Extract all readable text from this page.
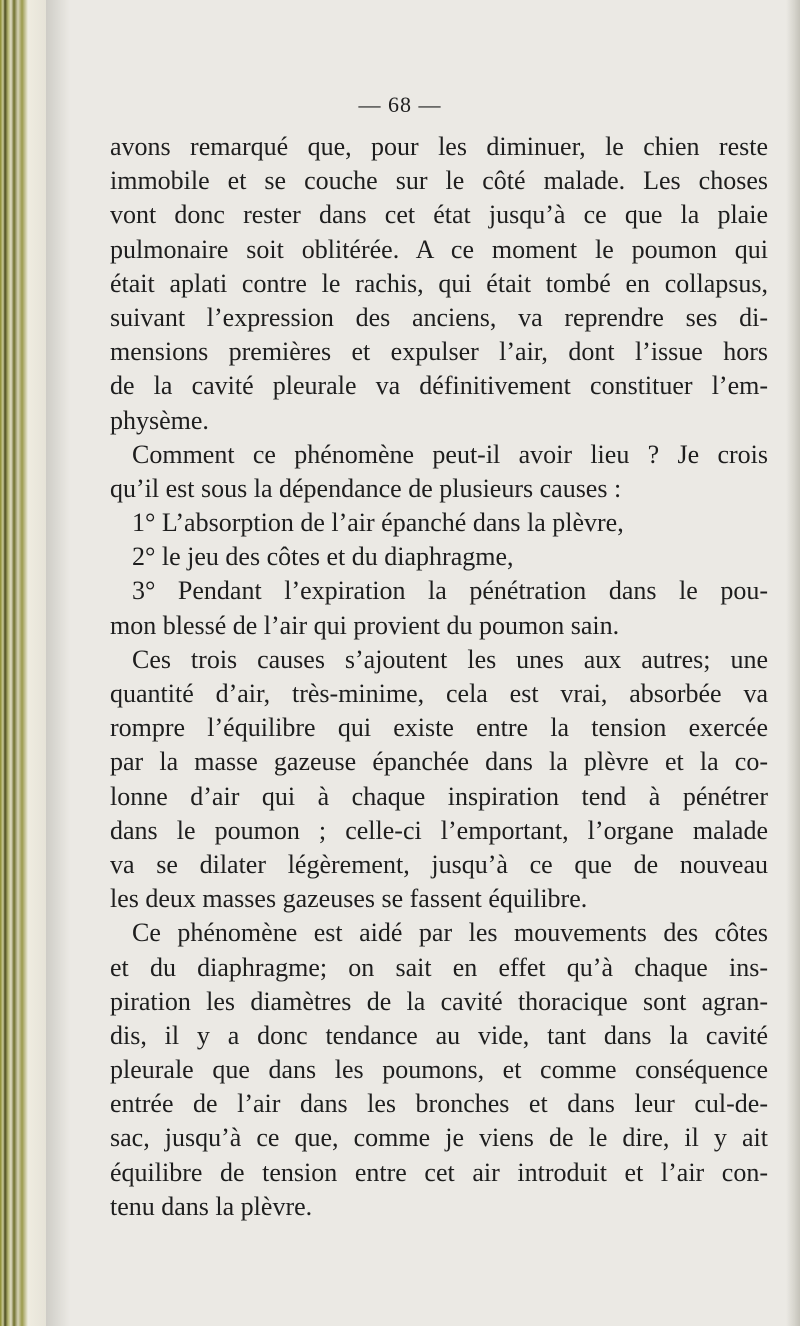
— 68 —
avons remarqué que, pour les diminuer, le chien reste
immobile et se couche sur le côté malade. Les choses
vont donc rester dans cet état jusqu’à ce que la plaie
pulmonaire soit oblitérée. A ce moment le poumon qui
était aplati contre le rachis, qui était tombé en collapsus,
suivant l’expression des anciens, va reprendre ses di-
mensions premières et expulser l’air, dont l’issue hors
de la cavité pleurale va définitivement constituer l’em-
physème.
Comment ce phénomène peut-il avoir lieu ? Je crois
qu’il est sous la dépendance de plusieurs causes :
1° L’absorption de l’air épanché dans la plèvre,
2° le jeu des côtes et du diaphragme,
3° Pendant l’expiration la pénétration dans le pou-
mon blessé de l’air qui provient du poumon sain.
Ces trois causes s’ajoutent les unes aux autres; une
quantité d’air, très-minime, cela est vrai, absorbée va
rompre l’équilibre qui existe entre la tension exercée
par la masse gazeuse épanchée dans la plèvre et la co-
lonne d’air qui à chaque inspiration tend à pénétrer
dans le poumon ; celle-ci l’emportant, l’organe malade
va se dilater légèrement, jusqu’à ce que de nouveau
les deux masses gazeuses se fassent équilibre.
Ce phénomène est aidé par les mouvements des côtes
et du diaphragme; on sait en effet qu’à chaque ins-
piration les diamètres de la cavité thoracique sont agran-
dis, il y a donc tendance au vide, tant dans la cavité
pleurale que dans les poumons, et comme conséquence
entrée de l’air dans les bronches et dans leur cul-de-
sac, jusqu’à ce que, comme je viens de le dire, il y ait
équilibre de tension entre cet air introduit et l’air con-
tenu dans la plèvre.
